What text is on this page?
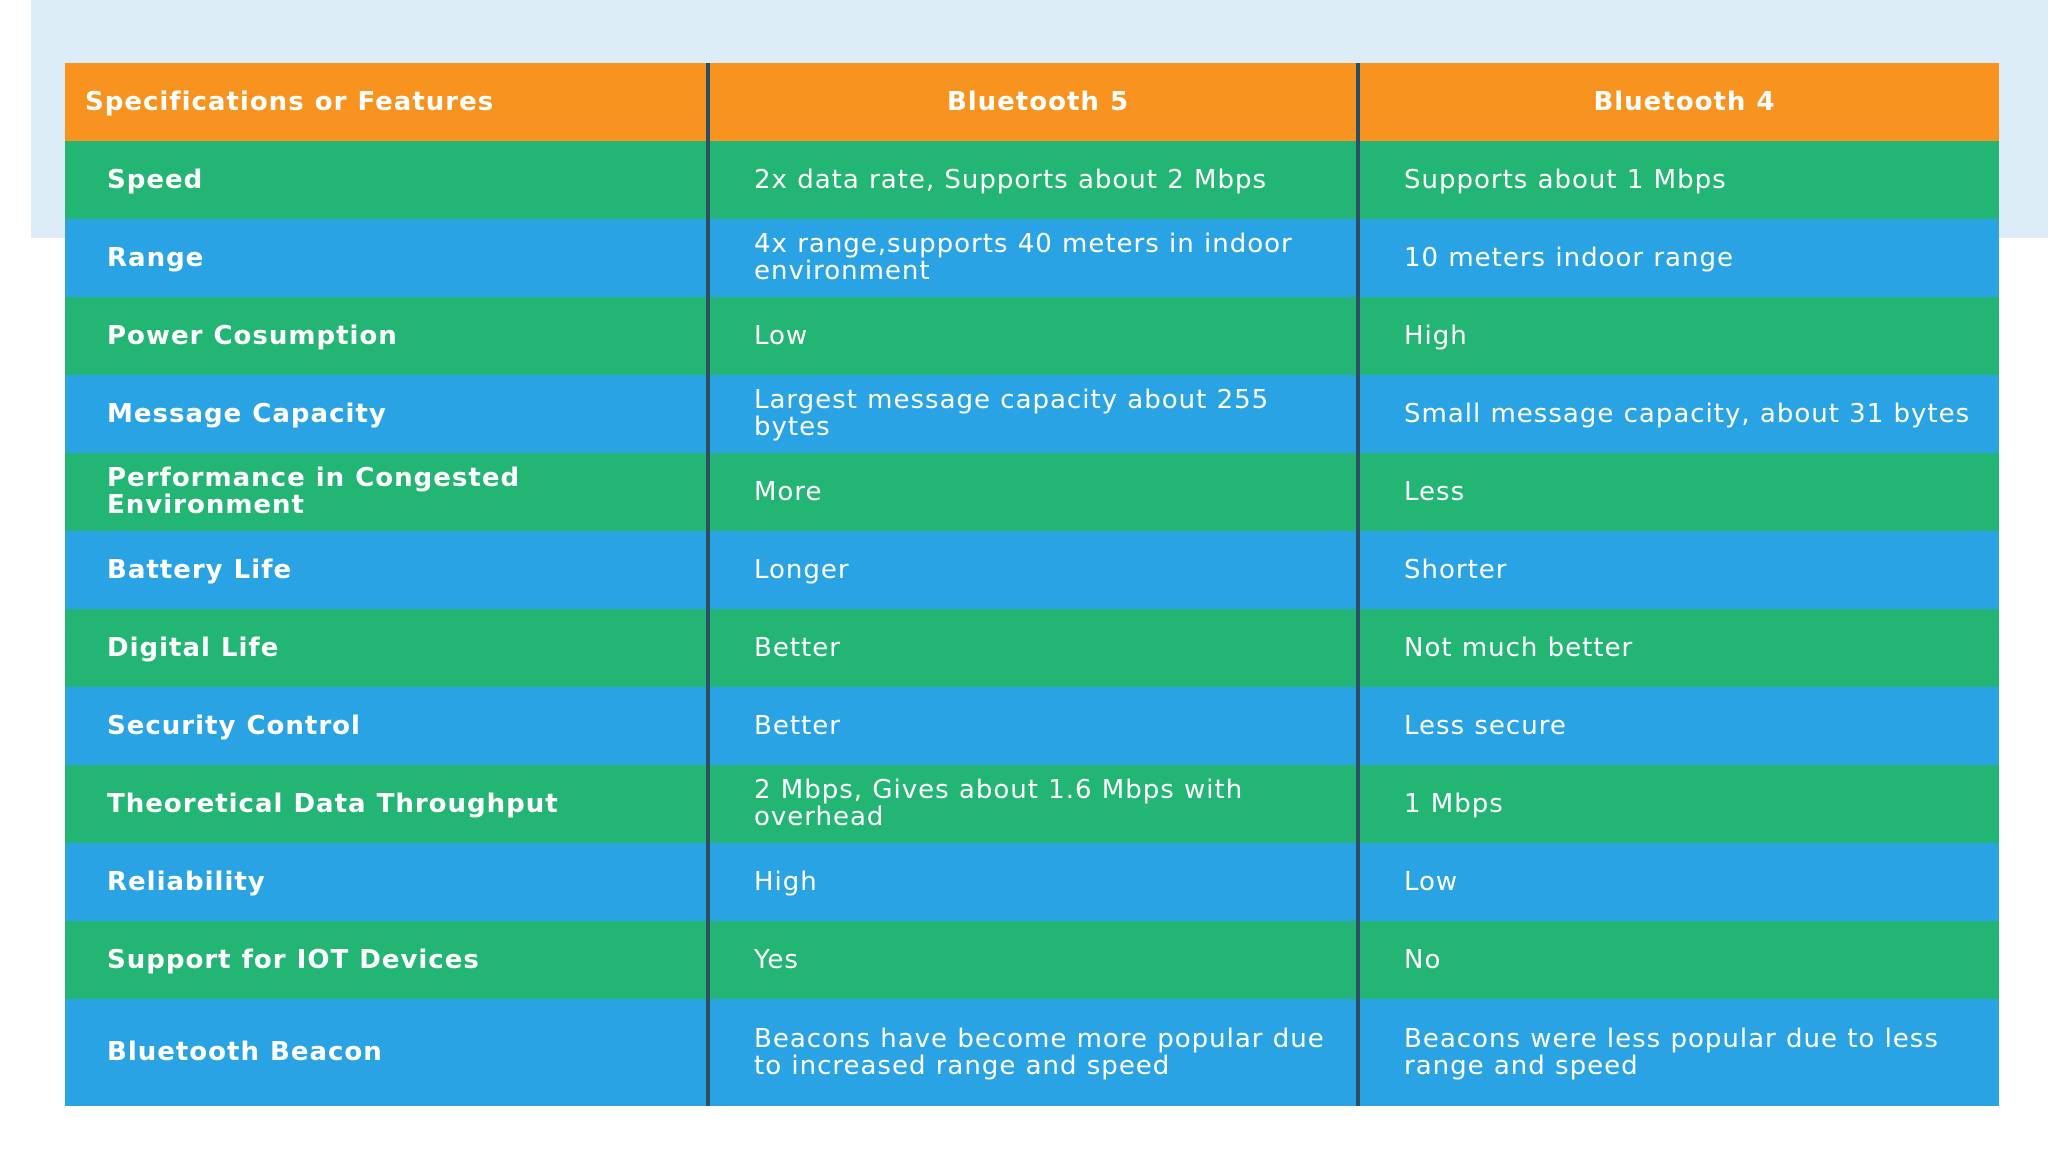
Specifications or Features	Bluetooth 5	Bluetooth 4
Speed	2x data rate, Supports about 2 Mbps	Supports about 1 Mbps
Range	4x range,supports 40 meters in indoor environment	10 meters indoor range
Power Cosumption	Low	High
Message Capacity	Largest message capacity about 255 bytes	Small message capacity, about 31 bytes
Performance in Congested Environment	More	Less
Battery Life	Longer	Shorter
Digital Life	Better	Not much better
Security Control	Better	Less secure
Theoretical Data Throughput	2 Mbps, Gives about 1.6 Mbps with overhead	1 Mbps
Reliability	High	Low
Support for IOT Devices	Yes	No
Bluetooth Beacon	Beacons have become more popular due to increased range and speed	Beacons were less popular due to less range and speed
